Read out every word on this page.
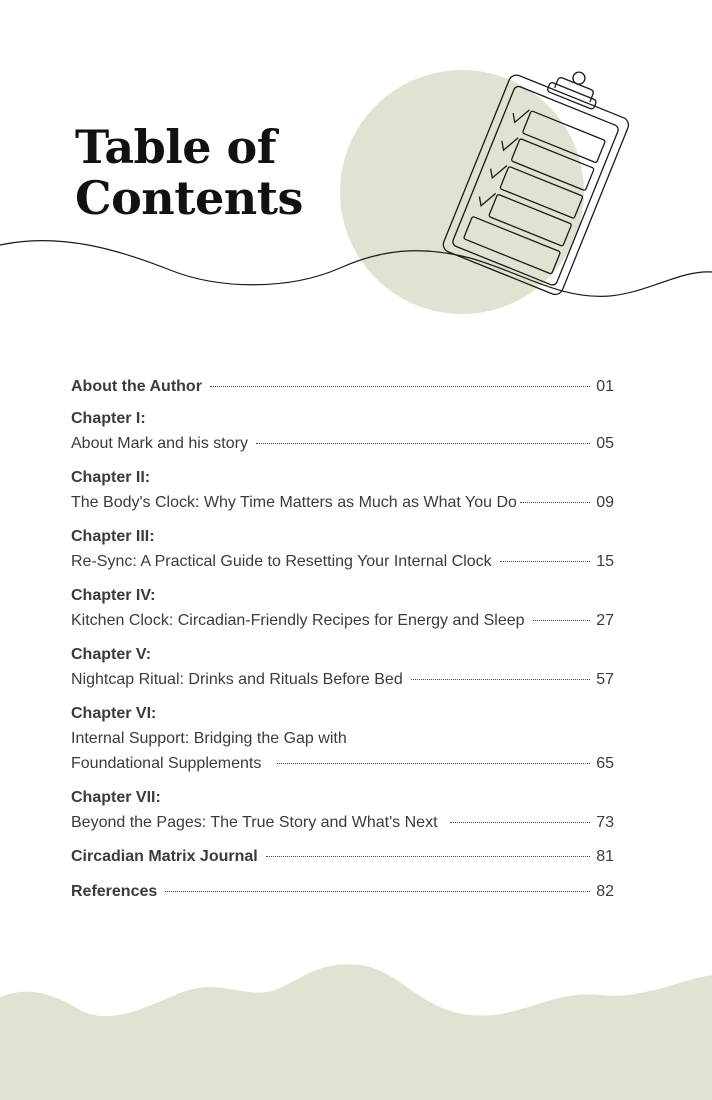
Table of
Contents
About the Author	01
Chapter I:
About Mark and his story	05
Chapter II:
The Body's Clock: Why Time Matters as Much as What You Do	09
Chapter III:
Re-Sync: A Practical Guide to Resetting Your Internal Clock	15
Chapter IV:
Kitchen Clock: Circadian-Friendly Recipes for Energy and Sleep	27
Chapter V:
Nightcap Ritual: Drinks and Rituals Before Bed	57
Chapter VI:
Internal Support: Bridging the Gap with
Foundational Supplements	65
Chapter VII:
Beyond the Pages: The True Story and What's Next	73
Circadian Matrix Journal	81
References	82
